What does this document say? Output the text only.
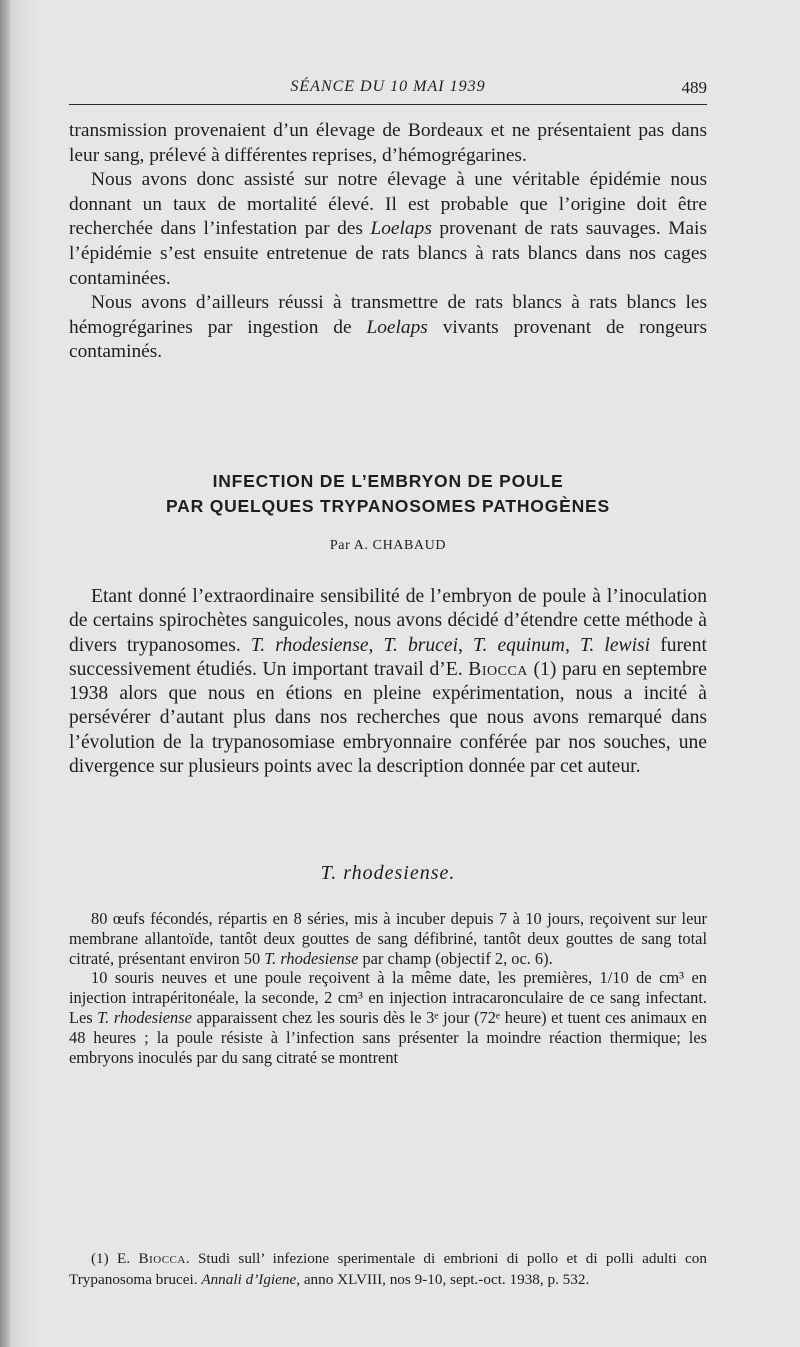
SÉANCE DU 10 MAI 1939	489

transmission provenaient d’un élevage de Bordeaux et ne présentaient pas dans leur sang, prélevé à différentes reprises, d’hémogrégarines.

Nous avons donc assisté sur notre élevage à une véritable épidémie nous donnant un taux de mortalité élevé. Il est probable que l’origine doit être recherchée dans l’infestation par des Loelaps provenant de rats sauvages. Mais l’épidémie s’est ensuite entretenue de rats blancs à rats blancs dans nos cages contaminées.

Nous avons d’ailleurs réussi à transmettre de rats blancs à rats blancs les hémogrégarines par ingestion de Loelaps vivants provenant de rongeurs contaminés.

INFECTION DE L’EMBRYON DE POULE
PAR QUELQUES TRYPANOSOMES PATHOGÈNES
Par A. CHABAUD

Etant donné l’extraordinaire sensibilité de l’embryon de poule à l’inoculation de certains spirochètes sanguicoles, nous avons décidé d’étendre cette méthode à divers trypanosomes. T. rhodesiense, T. brucei, T. equinum, T. lewisi furent successivement étudiés. Un important travail d’E. Biocca (1) paru en septembre 1938 alors que nous en étions en pleine expérimentation, nous a incité à persévérer d’autant plus dans nos recherches que nous avons remarqué dans l’évolution de la trypanosomiase embryonnaire conférée par nos souches, une divergence sur plusieurs points avec la description donnée par cet auteur.

T. rhodesiense.

80 œufs fécondés, répartis en 8 séries, mis à incuber depuis 7 à 10 jours, reçoivent sur leur membrane allantoïde, tantôt deux gouttes de sang défibriné, tantôt deux gouttes de sang total citraté, présentant environ 50 T. rhodesiense par champ (objectif 2, oc. 6).

10 souris neuves et une poule reçoivent à la même date, les premières, 1/10 de cm³ en injection intrapéritonéale, la seconde, 2 cm³ en injection intracaronculaire de ce sang infectant. Les T. rhodesiense apparaissent chez les souris dès le 3ᵉ jour (72ᵉ heure) et tuent ces animaux en 48 heures ; la poule résiste à l’infection sans présenter la moindre réaction thermique; les embryons inoculés par du sang citraté se montrent

(1) E. Biocca. Studi sull’ infezione sperimentale di embrioni di pollo et di polli adulti con Trypanosoma brucei. Annali d’Igiene, anno XLVIII, nos 9-10, sept.-oct. 1938, p. 532.
